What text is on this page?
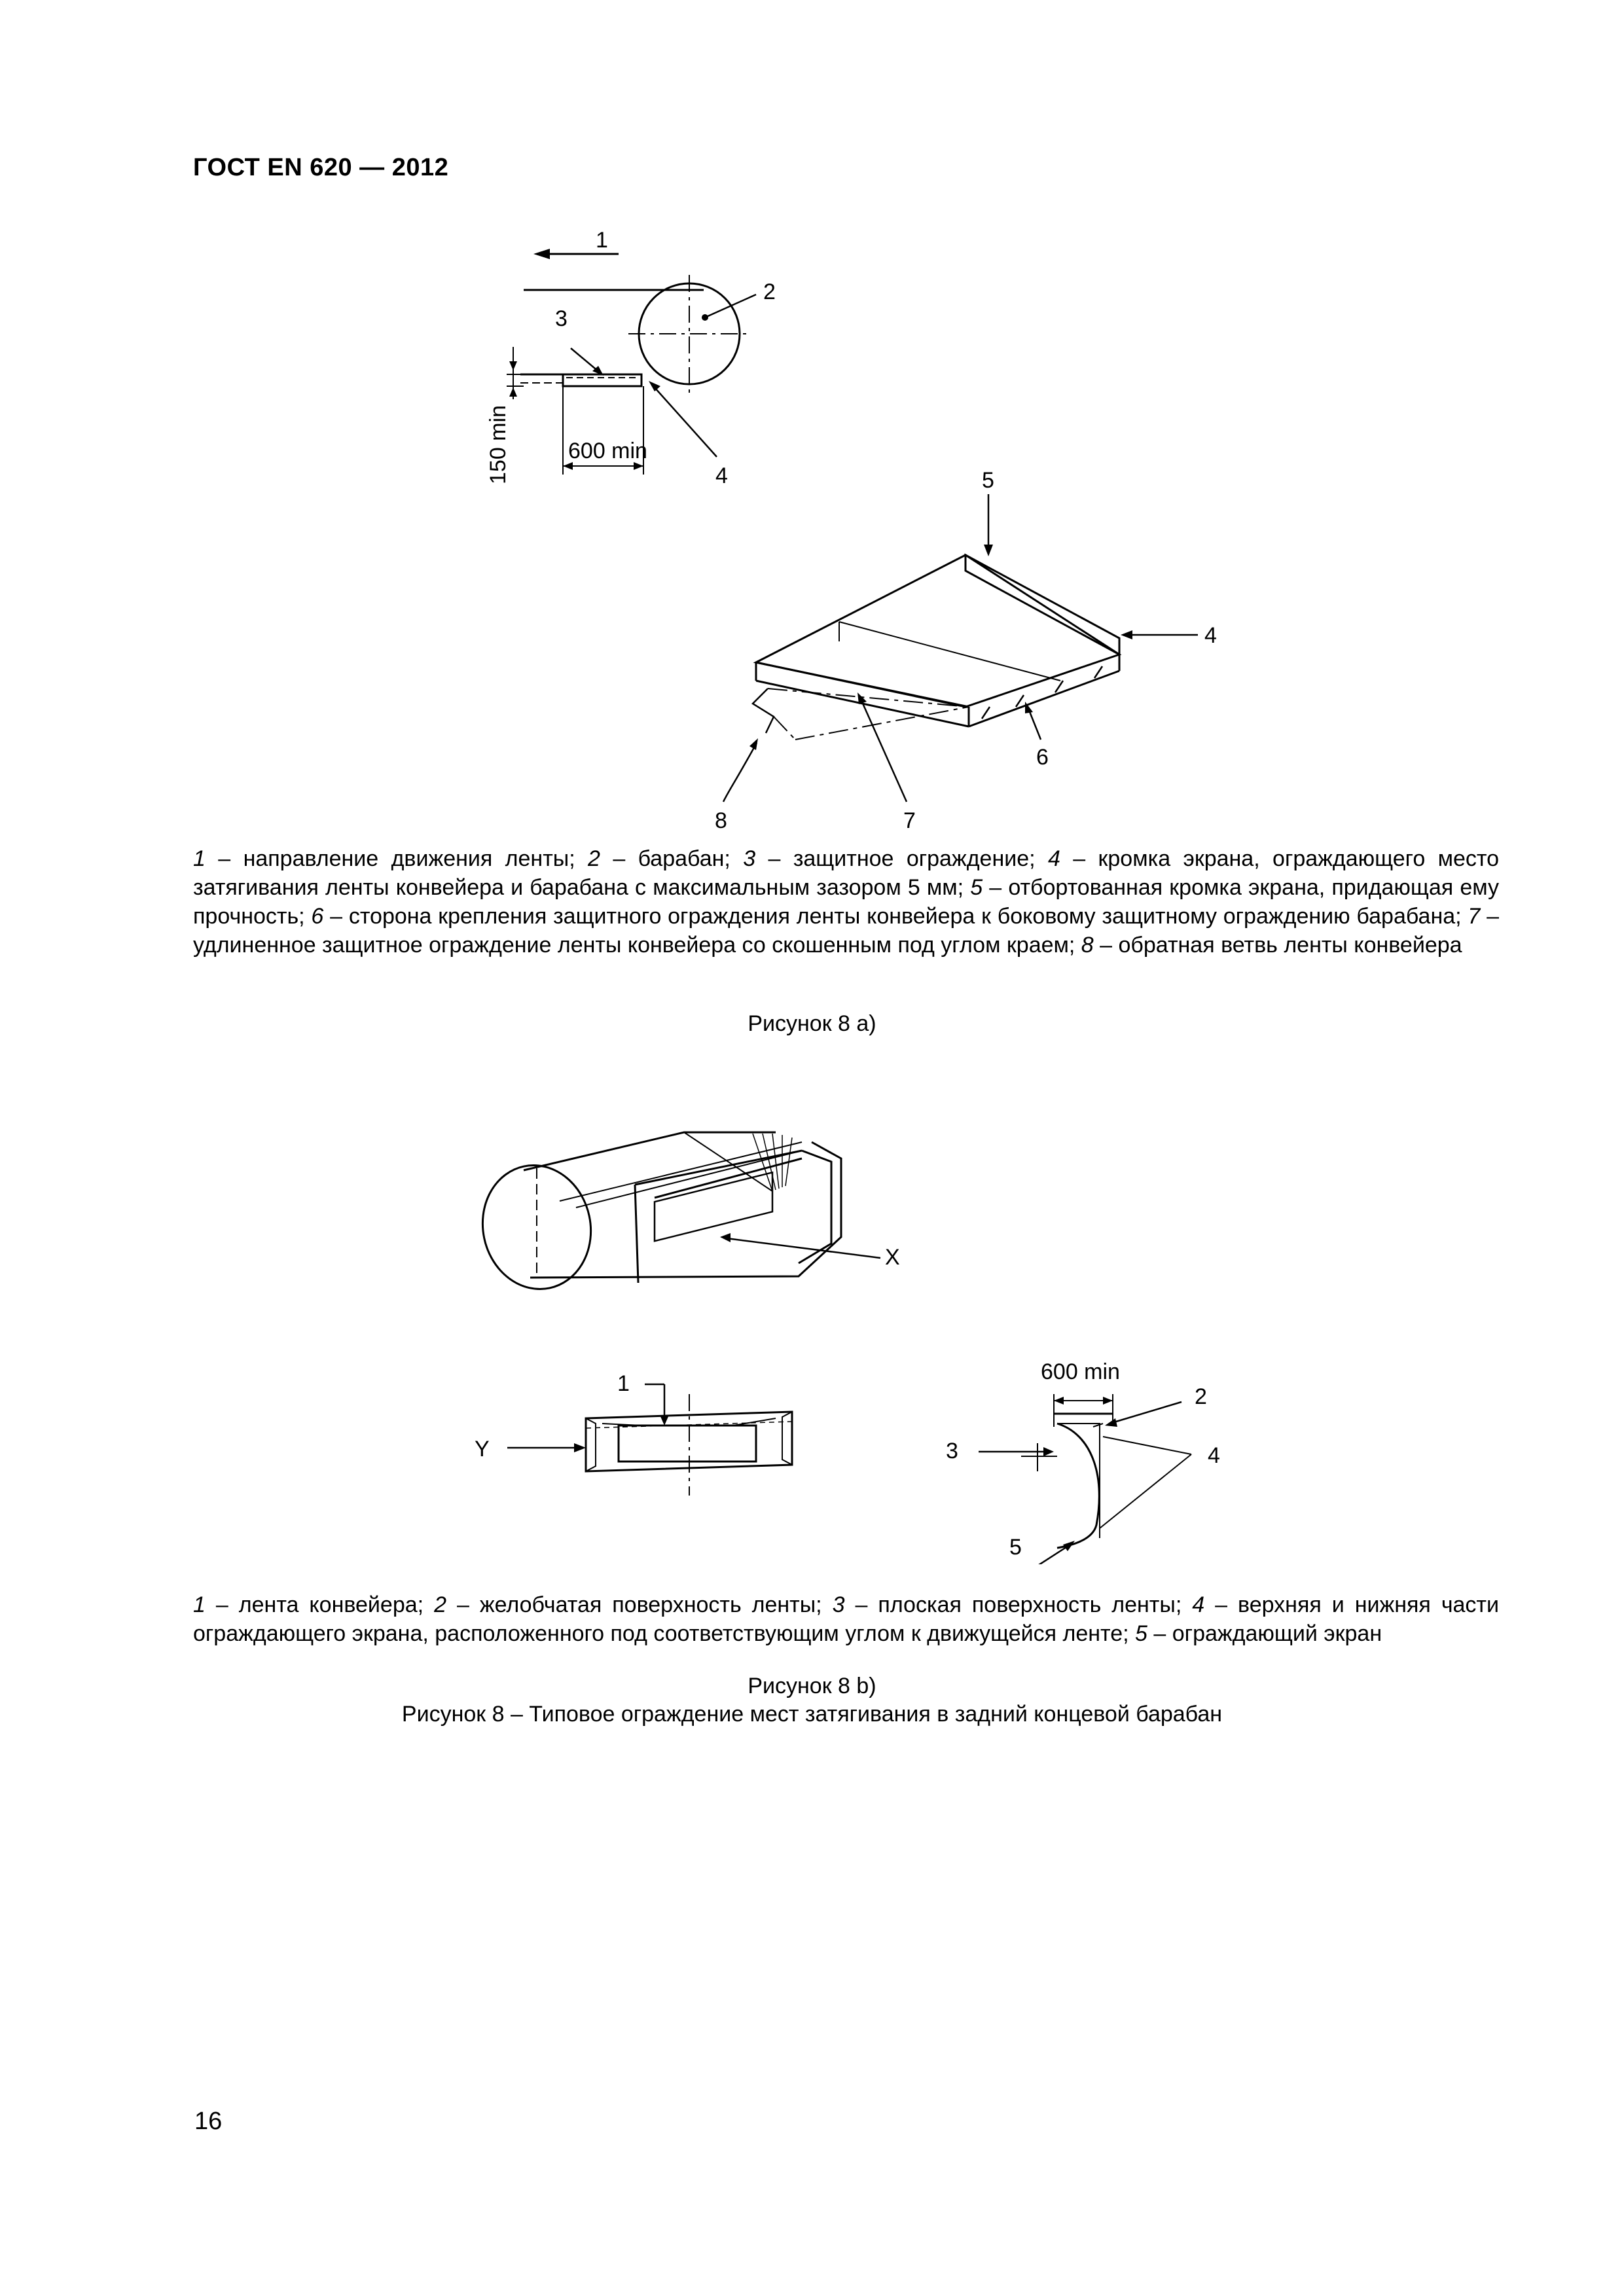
ГОСТ EN 620 — 2012
1
2
3
4	5
4
6
7
8
600 min
150 min
1 – направление движения ленты; 2 – барабан; 3 – защитное ограждение; 4 – кромка экрана, ограждающего место затягивания ленты конвейера и барабана с максимальным зазором 5 мм; 5 – отбортованная кромка экрана, придающая ему прочность; 6 – сторона крепления защитного ограждения ленты конвейера к боковому защитному ограждению барабана; 7 – удлиненное защитное ограждение ленты конвейера со скошенным под углом краем; 8 – обратная ветвь ленты конвейера
Рисунок 8 a)
X
Y
1
2
3	4
5
600 min
1 – лента конвейера; 2 – желобчатая поверхность ленты; 3 – плоская поверхность ленты; 4 – верхняя и нижняя части ограждающего экрана, расположенного под соответствующим углом к движущейся ленте; 5 – ограждающий экран
Рисунок 8 b)
Рисунок 8 – Типовое ограждение мест затягивания в задний концевой барабан
16
